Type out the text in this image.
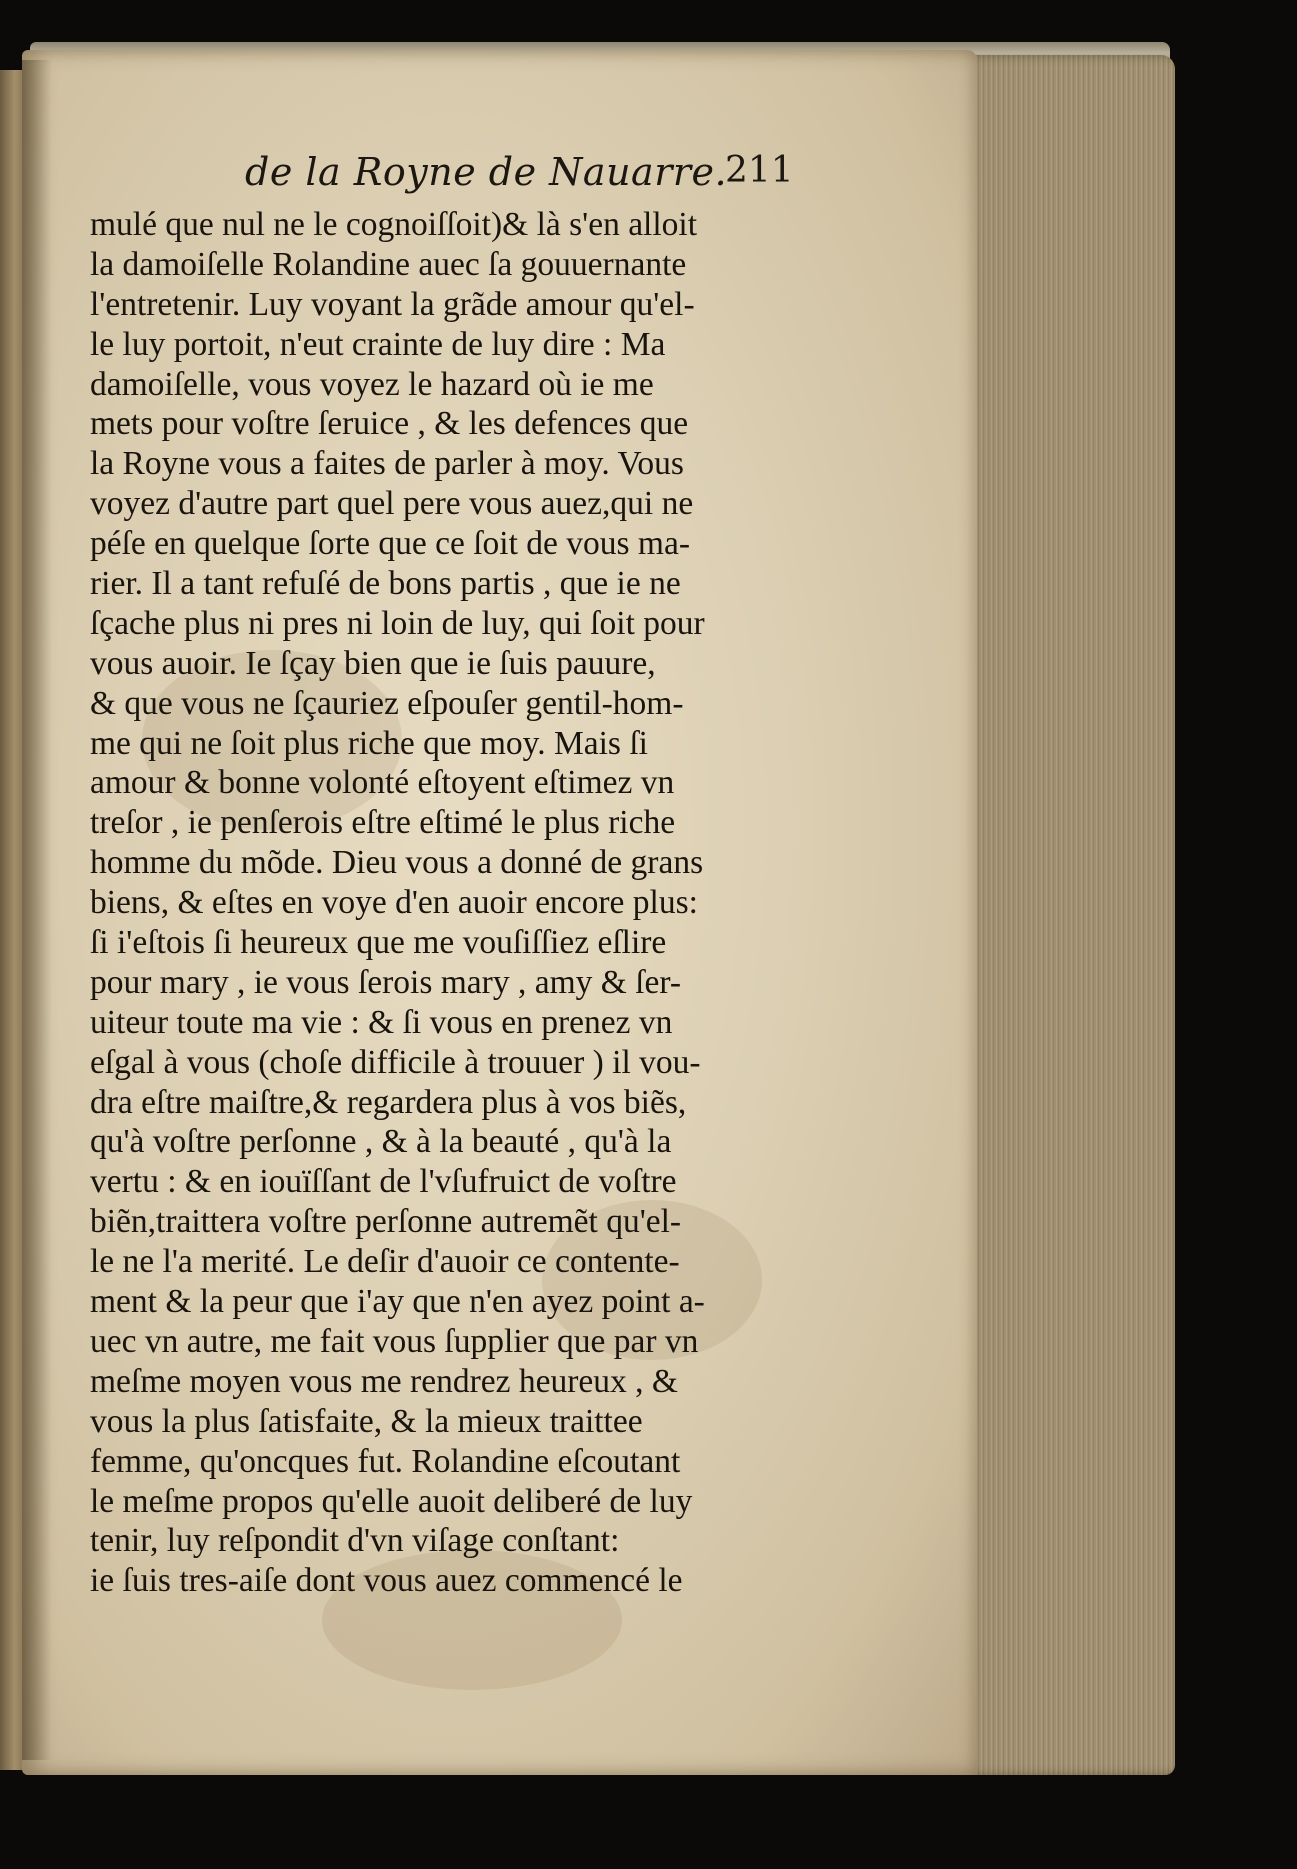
de la Royne de Nauarre.
211
mulé que nul ne le cognoiſſoit)& là s'en alloit
la damoiſelle Rolandine auec ſa gouuernante
l'entretenir. Luy voyant la grãde amour qu'el-
le luy portoit, n'eut crainte de luy dire : Ma
damoiſelle, vous voyez le hazard où ie me
mets pour voſtre ſeruice , & les defences que
la Royne vous a faites de parler à moy. Vous
voyez d'autre part quel pere vous auez,qui ne
péſe en quelque ſorte que ce ſoit de vous ma-
rier. Il a tant refuſé de bons partis , que ie ne
ſçache plus ni pres ni loin de luy, qui ſoit pour
vous auoir. Ie ſçay bien que ie ſuis pauure,
& que vous ne ſçauriez eſpouſer gentil-hom-
me qui ne ſoit plus riche que moy. Mais ſi
amour & bonne volonté eſtoyent eſtimez vn
treſor , ie penſerois eſtre eſtimé le plus riche
homme du mõde. Dieu vous a donné de grans
biens, & eſtes en voye d'en auoir encore plus:
ſi i'eſtois ſi heureux que me vouſiſſiez eſlire
pour mary , ie vous ſerois mary , amy & ſer-
uiteur toute ma vie : & ſi vous en prenez vn
eſgal à vous (choſe difficile à trouuer ) il vou-
dra eſtre maiſtre,& regardera plus à vos biẽs,
qu'à voſtre perſonne , & à la beauté , qu'à la
vertu : & en iouïſſant de l'vſufruict de voſtre
biẽn,traittera voſtre perſonne autremẽt qu'el-
le ne l'a merité. Le deſir d'auoir ce contente-
ment & la peur que i'ay que n'en ayez point a-
uec vn autre, me fait vous ſupplier que par vn
meſme moyen vous me rendrez heureux , &
vous la plus ſatisfaite, & la mieux traittee
femme, qu'oncques fut. Rolandine eſcoutant
le meſme propos qu'elle auoit deliberé de luy
tenir, luy reſpondit d'vn viſage conſtant:
ie ſuis tres-aiſe dont vous auez commencé le
